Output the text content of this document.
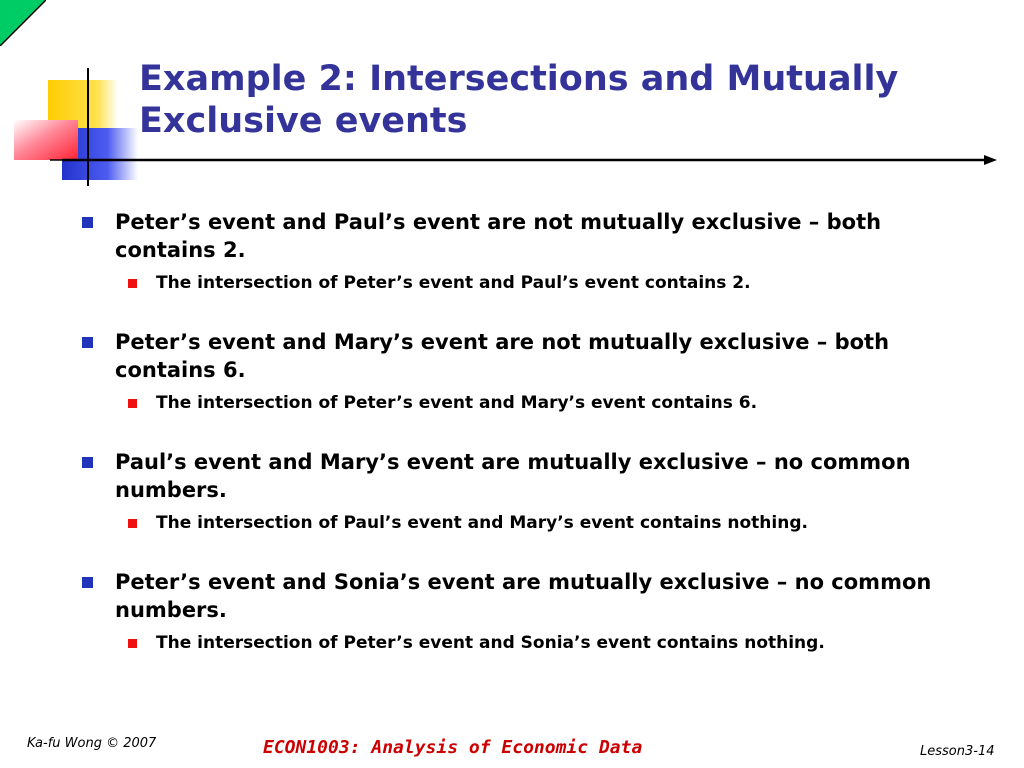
Example 2: Intersections and Mutually Exclusive events
Peter’s event and Paul’s event are not mutually exclusive – both contains 2.
The intersection of Peter’s event and Paul’s event contains 2.
Peter’s event and Mary’s event are not mutually exclusive – both contains 6.
The intersection of Peter’s event and Mary’s event contains 6.
Paul’s event and Mary’s event are mutually exclusive – no common numbers.
The intersection of Paul’s event and Mary’s event contains nothing.
Peter’s event and Sonia’s event are mutually exclusive – no common numbers.
The intersection of Peter’s event and Sonia’s event contains nothing.
Ka-fu Wong © 2007	ECON1003: Analysis of Economic Data	Lesson3-14
